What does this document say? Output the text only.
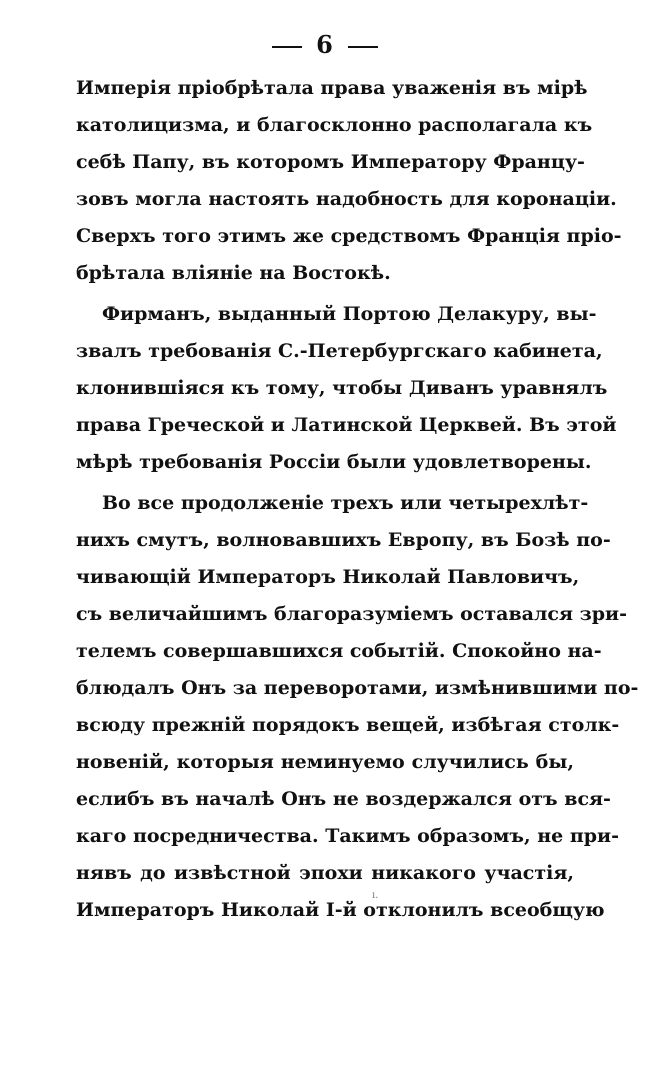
6

Имперія пріобрѣтала права уваженія въ мірѣ
католицизма, и благосклонно располагала къ
себѣ Папу, въ которомъ Императору Францу-
зовъ могла настоять надобность для коронаціи.
Сверхъ того этимъ же средствомъ Франція пріо-
брѣтала вліяніе на Востокѣ.

Фирманъ, выданный Портою Делакуру, вы-
звалъ требованія С.-Петербургскаго кабинета,
клонившіяся къ тому, чтобы Диванъ уравнялъ
права Греческой и Латинской Церквей. Въ этой
мѣрѣ требованія Россіи были удовлетворены.

Во все продолженіе трехъ или четырехлѣт-
нихъ смутъ, волновавшихъ Европу, въ Бозѣ по-
чивающій Императоръ Николай Павловичъ,
съ величайшимъ благоразуміемъ оставался зри-
телемъ совершавшихся событій. Спокойно на-
блюдалъ Онъ за переворотами, измѣнившими по-
всюду прежній порядокъ вещей, избѣгая столк-
новеній, которыя неминуемо случились бы,
еслибъ въ началѣ Онъ не воздержался отъ вся-
каго посредничества. Такимъ образомъ, не при-
нявъ до извѣстной эпохи никакого участія,
Императоръ Николай I-й отклонилъ всеобщую

ı.
